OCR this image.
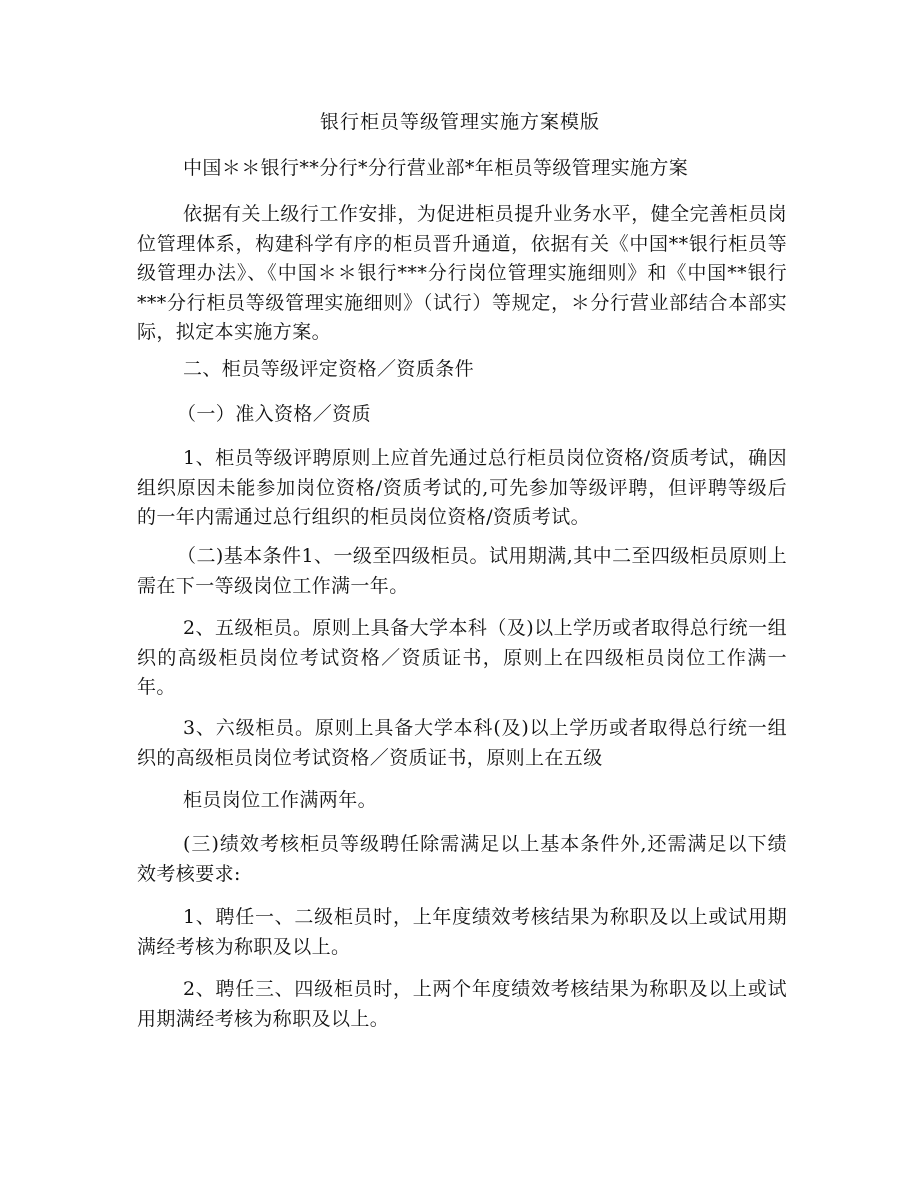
银行柜员等级管理实施方案模版
中国＊＊银行**分行*分行营业部*年柜员等级管理实施方案
依据有关上级行工作安排，为促进柜员提升业务水平，健全完善柜员岗位管理体系，构建科学有序的柜员晋升通道，依据有关《中国**银行柜员等级管理办法》、《中国＊＊银行***分行岗位管理实施细则》和《中国**银行***分行柜员等级管理实施细则》（试行）等规定，＊分行营业部结合本部实际，拟定本实施方案。
二、柜员等级评定资格／资质条件
（一）准入资格／资质
1、柜员等级评聘原则上应首先通过总行柜员岗位资格/资质考试，确因组织原因未能参加岗位资格/资质考试的,可先参加等级评聘，但评聘等级后的一年内需通过总行组织的柜员岗位资格/资质考试。
（二)基本条件1、一级至四级柜员。试用期满,其中二至四级柜员原则上需在下一等级岗位工作满一年。
2、五级柜员。原则上具备大学本科（及)以上学历或者取得总行统一组织的高级柜员岗位考试资格／资质证书，原则上在四级柜员岗位工作满一年。
3、六级柜员。原则上具备大学本科(及)以上学历或者取得总行统一组织的高级柜员岗位考试资格／资质证书，原则上在五级
柜员岗位工作满两年。
(三)绩效考核柜员等级聘任除需满足以上基本条件外,还需满足以下绩效考核要求:
1、聘任一、二级柜员时，上年度绩效考核结果为称职及以上或试用期满经考核为称职及以上。
2、聘任三、四级柜员时，上两个年度绩效考核结果为称职及以上或试用期满经考核为称职及以上。
